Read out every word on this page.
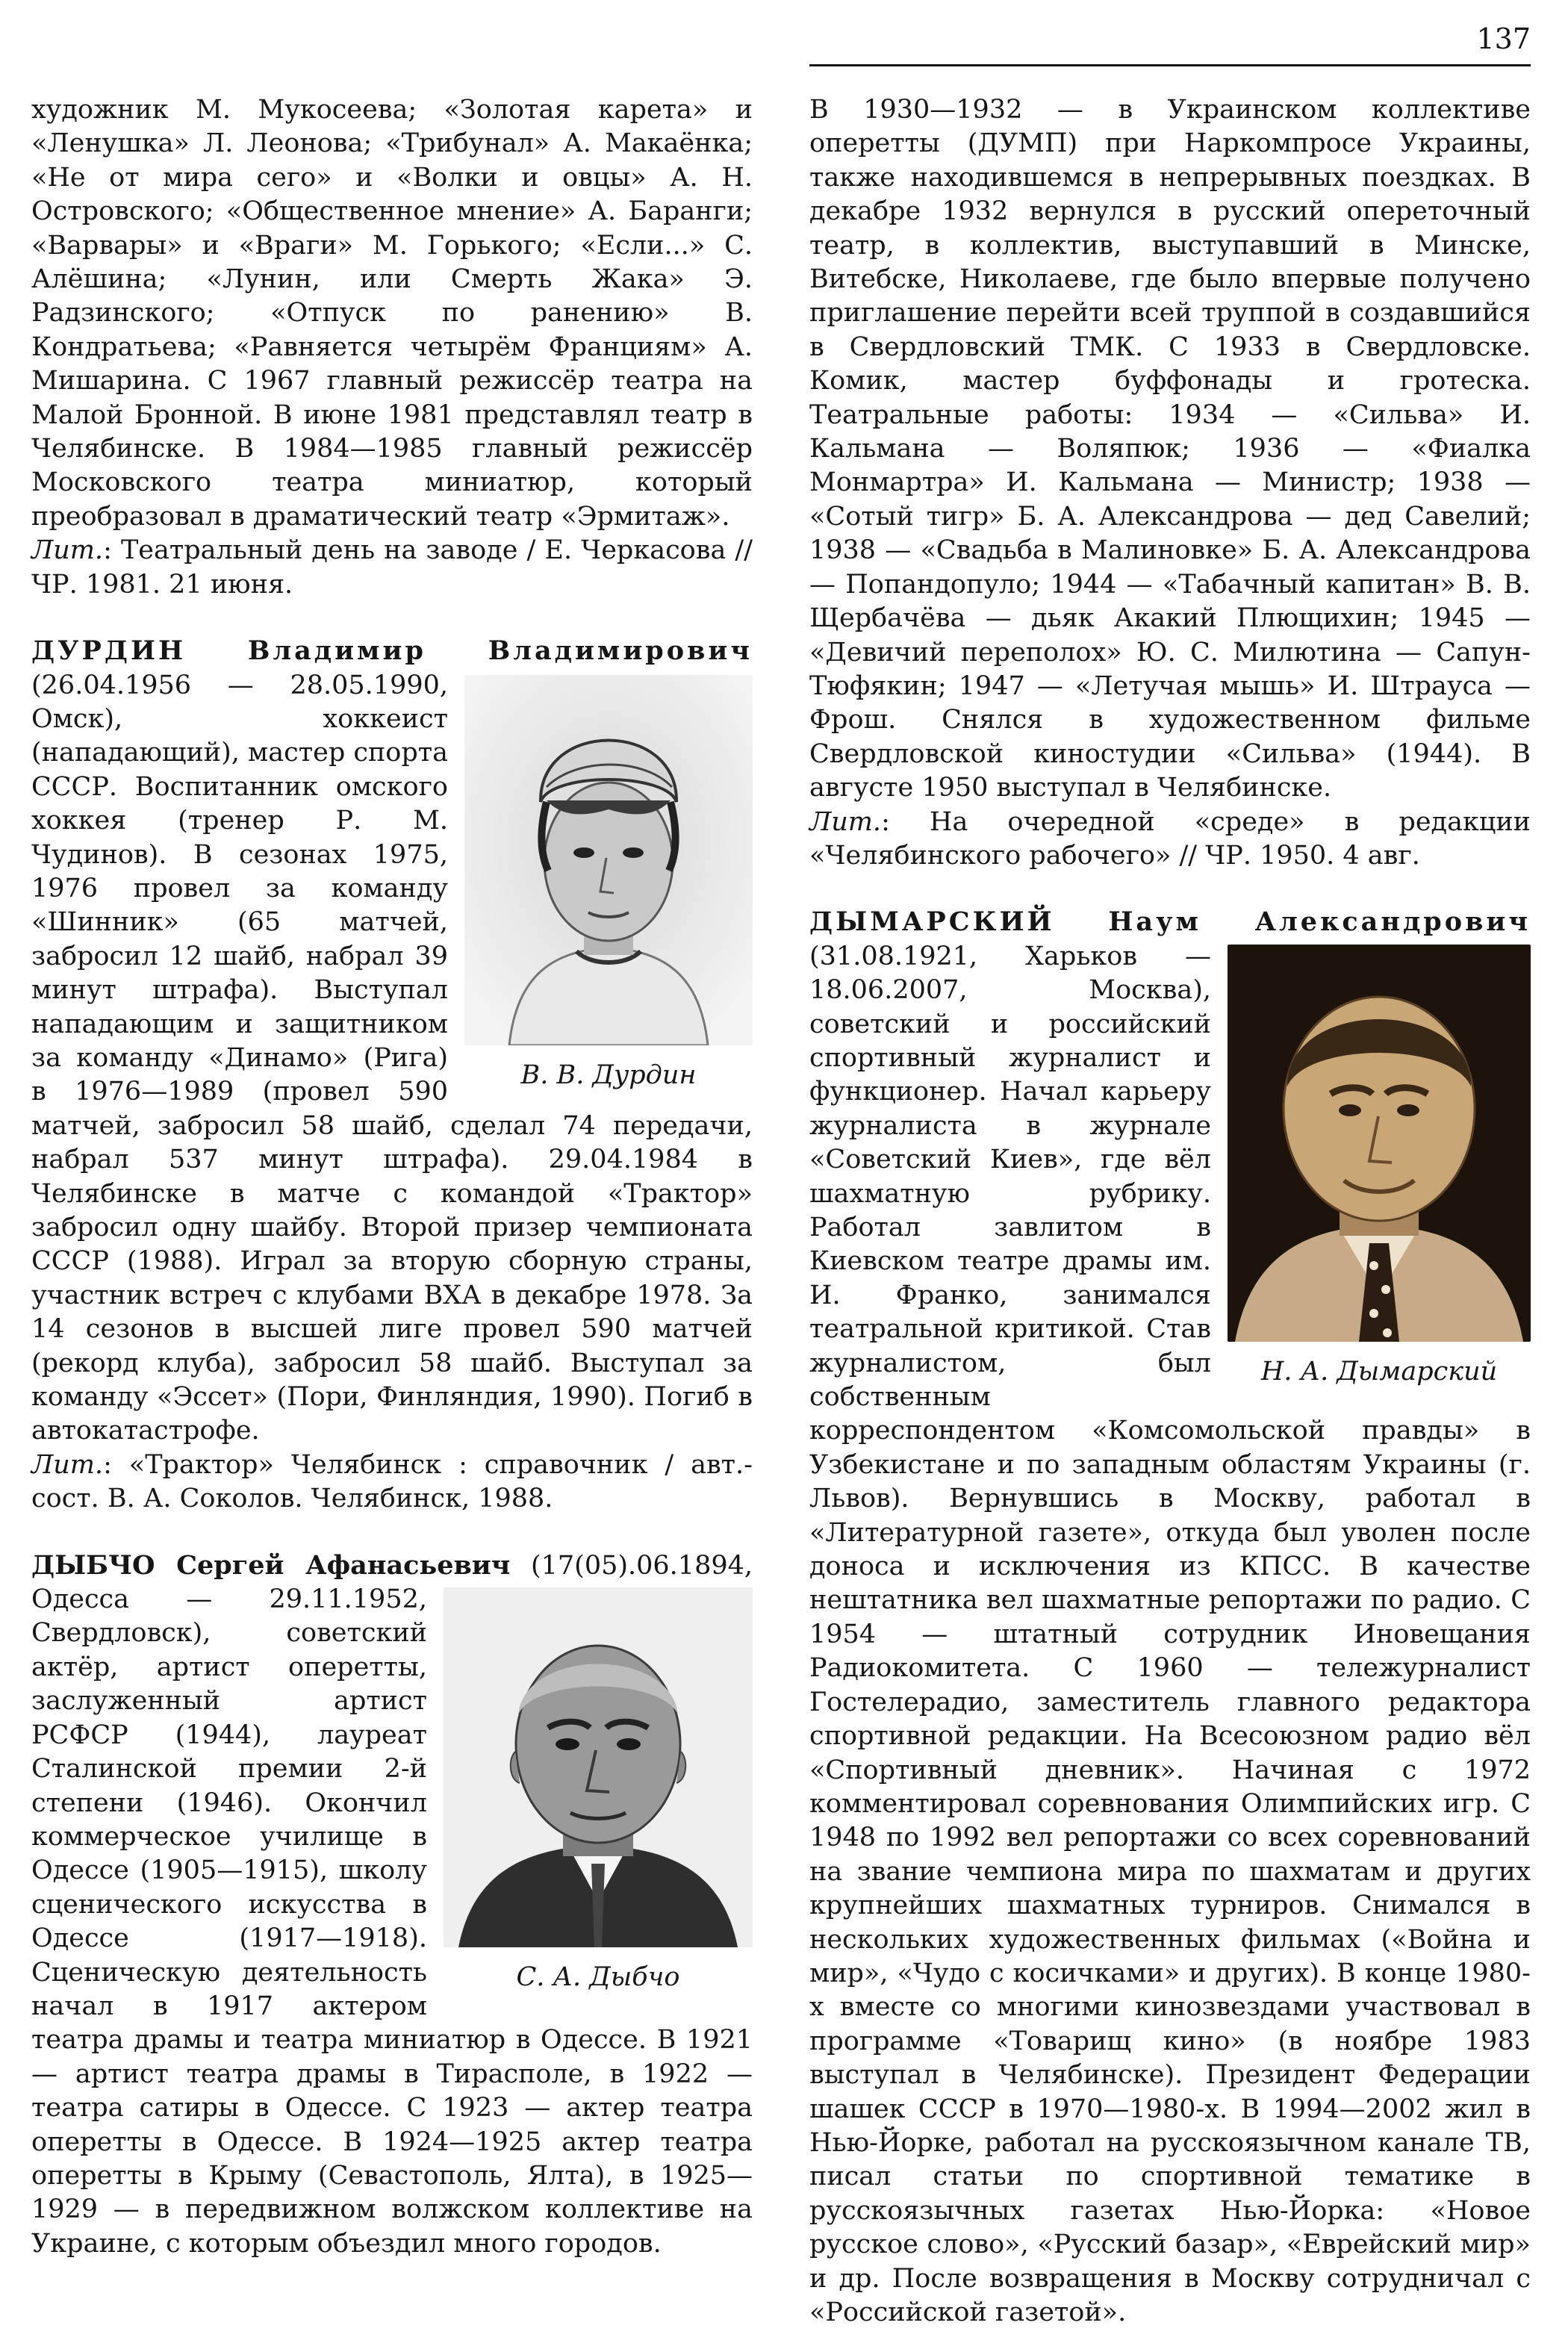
137

художник М. Мукосеева; «Золотая карета» и «Ленушка» Л. Леонова; «Трибунал» А. Макаёнка; «Не от мира сего» и «Волки и овцы» А. Н. Островского; «Общественное мнение» А. Баранги; «Варвары» и «Враги» М. Горького; «Если...» С. Алёшина; «Лунин, или Смерть Жака» Э. Радзинского; «Отпуск по ранению» В. Кондратьева; «Равняется четырём Франциям» А. Мишарина. С 1967 главный режиссёр театра на Малой Бронной. В июне 1981 представлял театр в Челябинске. В 1984—1985 главный режиссёр Московского театра миниатюр, который преобразовал в драматический театр «Эрмитаж».
Лит.: Театральный день на заводе / Е. Черкасова // ЧР. 1981. 21 июня.

ДУРДИН Владимир Владимирович
В. В. Дурдин
(26.04.1956 — 28.05.1990, Омск), хоккеист (нападающий), мастер спорта СССР. Воспитанник омского хоккея (тренер Р. М. Чудинов). В сезонах 1975, 1976 провел за команду «Шинник» (65 матчей, забросил 12 шайб, набрал 39 минут штрафа). Выступал нападающим и защитником за команду «Динамо» (Рига) в 1976—1989 (провел 590 матчей, забросил 58 шайб, сделал 74 передачи, набрал 537 минут штрафа). 29.04.1984 в Челябинске в матче с командой «Трактор» забросил одну шайбу. Второй призер чемпионата СССР (1988). Играл за вторую сборную страны, участник встреч с клубами ВХА в декабре 1978. За 14 сезонов в высшей лиге провел 590 матчей (рекорд клуба), забросил 58 шайб. Выступал за команду «Эссет» (Пори, Финляндия, 1990). Погиб в автокатастрофе.

Лит.: «Трактор» Челябинск : справочник / авт.-сост. В. А. Соколов. Челябинск, 1988.

ДЫБЧО Сергей Афанасьевич
С. А. Дыбчо
(17(05).06.1894, Одесса — 29.11.1952, Свердловск), советский актёр, артист оперетты, заслуженный артист РСФСР (1944), лауреат Сталинской премии 2-й степени (1946). Окончил коммерческое училище в Одессе (1905—1915), школу сценического искусства в Одессе (1917—1918). Сценическую деятельность начал в 1917 актером театра драмы и театра миниатюр в Одессе. В 1921 — артист театра драмы в Тирасполе, в 1922 — театра сатиры в Одессе. С 1923 — актер театра оперетты в Одессе. В 1924—1925 актер театра оперетты в Крыму (Севастополь, Ялта), в 1925—1929 — в передвижном волжском коллективе на Украине, с которым объездил много городов.

В 1930—1932 — в Украинском коллективе оперетты (ДУМП) при Наркомпросе Украины, также находившемся в непрерывных поездках. В декабре 1932 вернулся в русский опереточный театр, в коллектив, выступавший в Минске, Витебске, Николаеве, где было впервые получено приглашение перейти всей труппой в создавшийся в Свердловский ТМК. С 1933 в Свердловске. Комик, мастер буффонады и гротеска. Театральные работы: 1934 — «Сильва» И. Кальмана — Воляпюк; 1936 — «Фиалка Монмартра» И. Кальмана — Министр; 1938 — «Сотый тигр» Б. А. Александрова — дед Савелий; 1938 — «Свадьба в Малиновке» Б. А. Александрова — Попандопуло; 1944 — «Табачный капитан» В. В. Щербачёва — дьяк Акакий Плющихин; 1945 — «Девичий переполох» Ю. С. Милютина — Сапун-Тюфякин; 1947 — «Летучая мышь» И. Штрауса — Фрош. Снялся в художественном фильме Свердловской киностудии «Сильва» (1944). В августе 1950 выступал в Челябинске.
Лит.: На очередной «среде» в редакции «Челябинского рабочего» // ЧР. 1950. 4 авг.

ДЫМАРСКИЙ Наум Александрович
Н. А. Дымарский
(31.08.1921, Харьков — 18.06.2007, Москва), советский и российский спортивный журналист и функционер. Начал карьеру журналиста в журнале «Советский Киев», где вёл шахматную рубрику. Работал завлитом в Киевском театре драмы им. И. Франко, занимался театральной критикой. Став журналистом, был собственным корреспондентом «Комсомольской правды» в Узбекистане и по западным областям Украины (г. Львов). Вернувшись в Москву, работал в «Литературной газете», откуда был уволен после доноса и исключения из КПСС. В качестве нештатника вел шахматные репортажи по радио. С 1954 — штатный сотрудник Иновещания Радиокомитета. С 1960 — тележурналист Гостелерадио, заместитель главного редактора спортивной редакции. На Всесоюзном радио вёл «Спортивный дневник». Начиная с 1972 комментировал соревнования Олимпийских игр. С 1948 по 1992 вел репортажи со всех соревнований на звание чемпиона мира по шахматам и других крупнейших шахматных турниров. Снимался в нескольких художественных фильмах («Война и мир», «Чудо с косичками» и других). В конце 1980-х вместе со многими кинозвездами участвовал в программе «Товарищ кино» (в ноябре 1983 выступал в Челябинске). Президент Федерации шашек СССР в 1970—1980-х. В 1994—2002 жил в Нью-Йорке, работал на русскоязычном канале ТВ, писал статьи по спортивной тематике в русскоязычных газетах Нью-Йорка: «Новое русское слово», «Русский базар», «Еврейский мир» и др. После возвращения в Москву сотрудничал с «Российской газетой».
